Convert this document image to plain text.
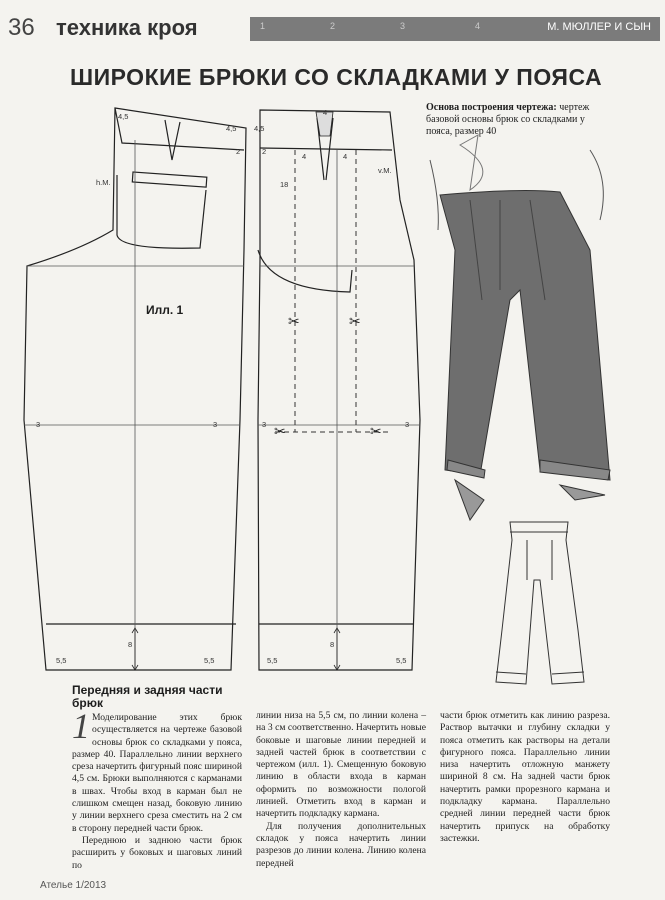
36 техника кроя	1	2	3	4	М. МЮЛЛЕР И СЫН
ШИРОКИЕ БРЮКИ СО СКЛАДКАМИ У ПОЯСА
Основа построения чертежа: чертеж базовой основы брюк со складками у пояса, размер 40
✂	✂
✂	✂
Илл. 1
4,5
4,5 4,5
h.M.
v.M.
4
4	4
18
2	2
3	3	3	3
8	8
5,5	5,5	5,5	5,5
Передняя и задняя части брюк
1 Моделирование этих брюк осуществляется на чертеже базовой основы брюк со складками у пояса, размер 40. Параллельно линии верхнего среза начертить фигурный пояс шириной 4,5 см. Брюки выполняются с карманами в швах. Чтобы вход в карман был не слишком смещен назад, боковую линию у линии верхнего среза сместить на 2 см в сторону передней части брюк.

Переднюю и заднюю части брюк расширить у боковых и шаговых линий по

линии низа на 5,5 см, по линии колена – на 3 см соответственно. Начертить новые боковые и шаговые линии передней и задней частей брюк в соответствии с чертежом (илл. 1). Смещенную боковую линию в области входа в карман оформить по возможности пологой линией. Отметить вход в карман и начертить подкладку кармана.

Для получения дополнительных складок у пояса начертить линии разрезов до линии колена. Линию колена передней

части брюк отметить как линию разреза. Раствор вытачки и глубину складки у пояса отметить как растворы на детали фигурного пояса. Параллельно линии низа начертить отложную манжету шириной 8 см. На задней части брюк начертить рамки прорезного кармана и подкладку кармана. Параллельно средней линии передней части брюк начертить припуск на обработку застежки.

Ателье 1/2013
